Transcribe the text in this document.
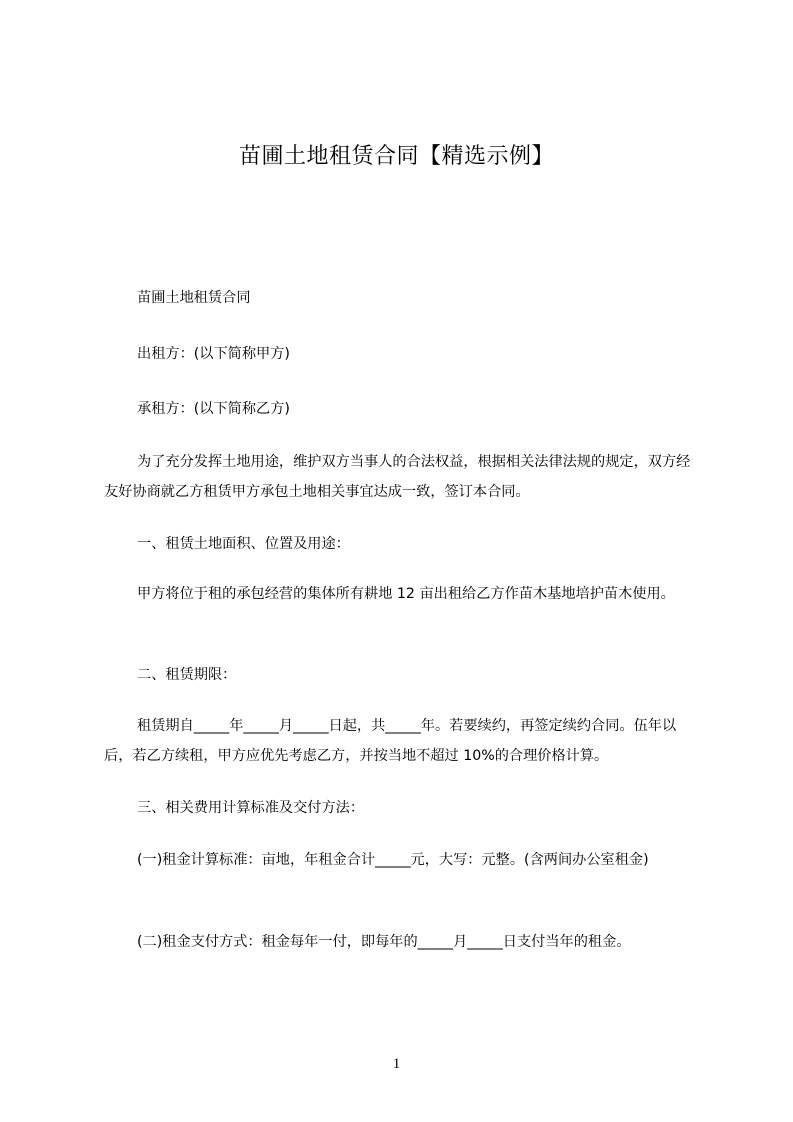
苗圃土地租赁合同【精选示例】

苗圃土地租赁合同

出租方：(以下简称甲方)

承租方：(以下简称乙方)

为了充分发挥土地用途，维护双方当事人的合法权益，根据相关法律法规的规定，双方经友好协商就乙方租赁甲方承包土地相关事宜达成一致，签订本合同。

一、租赁土地面积、位置及用途：

甲方将位于租的承包经营的集体所有耕地 12 亩出租给乙方作苗木基地培护苗木使用。

二、租赁期限：

租赁期自_____年_____月_____日起，共_____年。若要续约，再签定续约合同。伍年以后，若乙方续租，甲方应优先考虑乙方，并按当地不超过 10%的合理价格计算。

三、相关费用计算标准及交付方法：

(一)租金计算标准：亩地，年租金合计_____元，大写：元整。(含两间办公室租金)

(二)租金支付方式：租金每年一付，即每年的_____月_____日支付当年的租金。

1
